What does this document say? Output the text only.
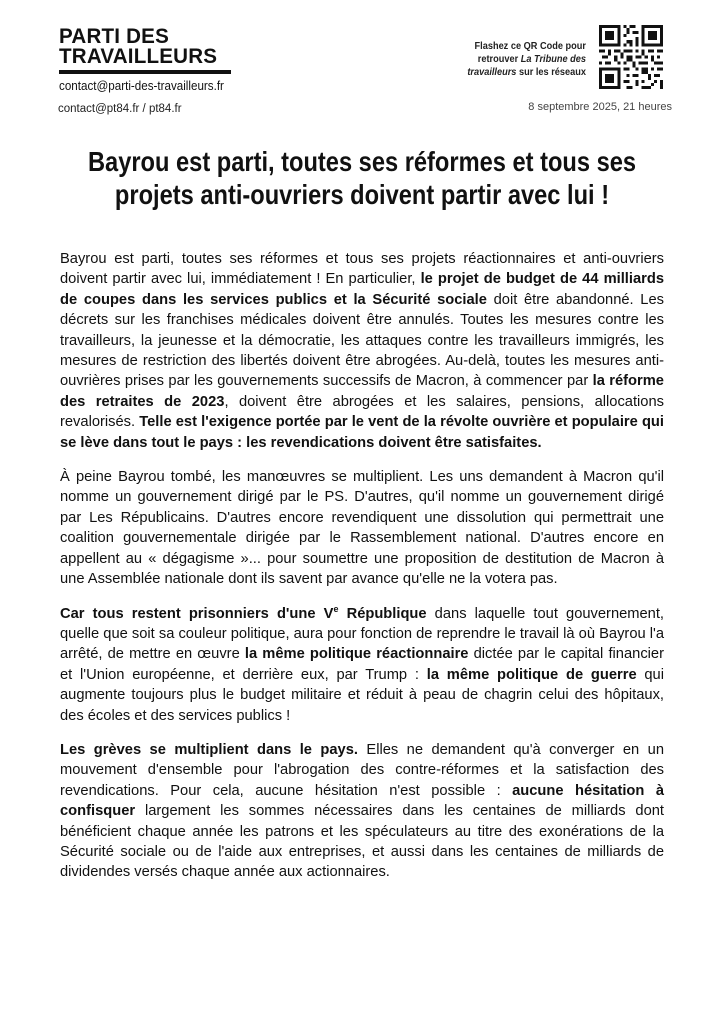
PARTI DES
TRAVAILLEURS
contact@parti-des-travailleurs.fr
Flashez ce QR Code pour
retrouver La Tribune des
travailleurs sur les réseaux
contact@pt84.fr / pt84.fr	8 septembre 2025, 21 heures
Bayrou est parti, toutes ses réformes et tous ses projets anti-ouvriers doivent partir avec lui !

Bayrou est parti, toutes ses réformes et tous ses projets réactionnaires et anti-ouvriers doivent partir avec lui, immédiatement ! En particulier, le projet de budget de 44 milliards de coupes dans les services publics et la Sécurité sociale doit être abandonné. Les décrets sur les franchises médicales doivent être annulés. Toutes les mesures contre les travailleurs, la jeunesse et la démocratie, les attaques contre les travailleurs immigrés, les mesures de restriction des libertés doivent être abrogées. Au-delà, toutes les mesures anti-ouvrières prises par les gouvernements successifs de Macron, à commencer par la réforme des retraites de 2023, doivent être abrogées et les salaires, pensions, allocations revalorisés. Telle est l'exigence portée par le vent de la révolte ouvrière et populaire qui se lève dans tout le pays : les revendications doivent être satisfaites.

À peine Bayrou tombé, les manœuvres se multiplient. Les uns demandent à Macron qu'il nomme un gouvernement dirigé par le PS. D'autres, qu'il nomme un gouvernement dirigé par Les Républicains. D'autres encore revendiquent une dissolution qui permettrait une coalition gouvernementale dirigée par le Rassemblement national. D'autres encore en appellent au « dégagisme »... pour soumettre une proposition de destitution de Macron à une Assemblée nationale dont ils savent par avance qu'elle ne la votera pas.

Car tous restent prisonniers d'une Ve République dans laquelle tout gouvernement, quelle que soit sa couleur politique, aura pour fonction de reprendre le travail là où Bayrou l'a arrêté, de mettre en œuvre la même politique réactionnaire dictée par le capital financier et l'Union européenne, et derrière eux, par Trump : la même politique de guerre qui augmente toujours plus le budget militaire et réduit à peau de chagrin celui des hôpitaux, des écoles et des services publics !

Les grèves se multiplient dans le pays. Elles ne demandent qu'à converger en un mouvement d'ensemble pour l'abrogation des contre-réformes et la satisfaction des revendications. Pour cela, aucune hésitation n'est possible : aucune hésitation à confisquer largement les sommes nécessaires dans les centaines de milliards dont bénéficient chaque année les patrons et les spéculateurs au titre des exonérations de la Sécurité sociale ou de l'aide aux entreprises, et aussi dans les centaines de milliards de dividendes versés chaque année aux actionnaires.
